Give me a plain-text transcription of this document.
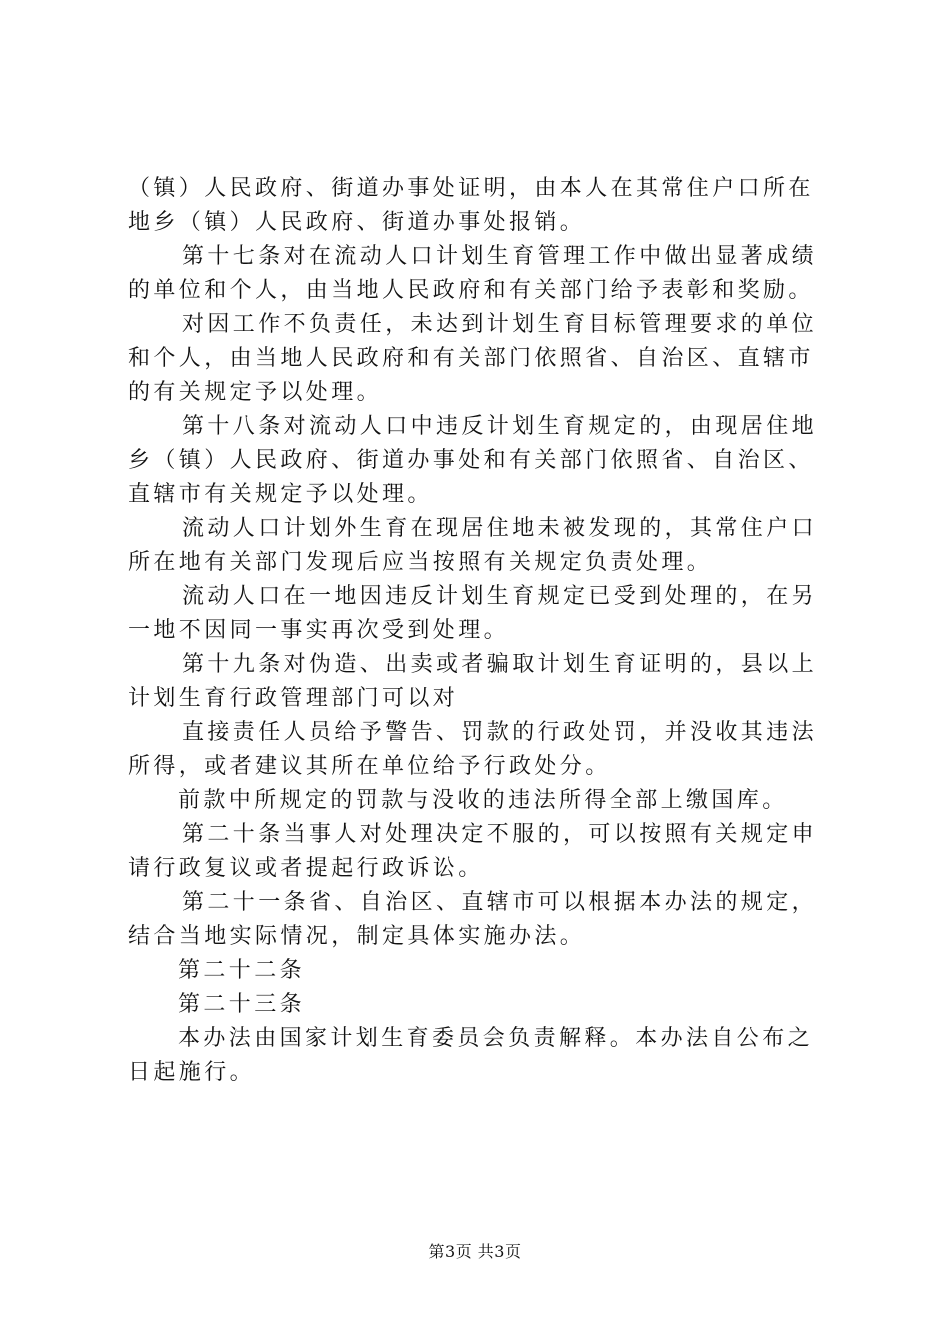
（镇）人民政府、街道办事处证明，由本人在其常住户口所在
地乡（镇）人民政府、街道办事处报销。
第十七条对在流动人口计划生育管理工作中做出显著成绩
的单位和个人，由当地人民政府和有关部门给予表彰和奖励。
对因工作不负责任，未达到计划生育目标管理要求的单位
和个人，由当地人民政府和有关部门依照省、自治区、直辖市
的有关规定予以处理。
第十八条对流动人口中违反计划生育规定的，由现居住地
乡（镇）人民政府、街道办事处和有关部门依照省、自治区、
直辖市有关规定予以处理。
流动人口计划外生育在现居住地未被发现的，其常住户口
所在地有关部门发现后应当按照有关规定负责处理。
流动人口在一地因违反计划生育规定已受到处理的，在另
一地不因同一事实再次受到处理。
第十九条对伪造、出卖或者骗取计划生育证明的，县以上
计划生育行政管理部门可以对
直接责任人员给予警告、罚款的行政处罚，并没收其违法
所得，或者建议其所在单位给予行政处分。
前款中所规定的罚款与没收的违法所得全部上缴国库。
第二十条当事人对处理决定不服的，可以按照有关规定申
请行政复议或者提起行政诉讼。
第二十一条省、自治区、直辖市可以根据本办法的规定，
结合当地实际情况，制定具体实施办法。
第二十二条
第二十三条
本办法由国家计划生育委员会负责解释。本办法自公布之
日起施行。
第3页 共3页
